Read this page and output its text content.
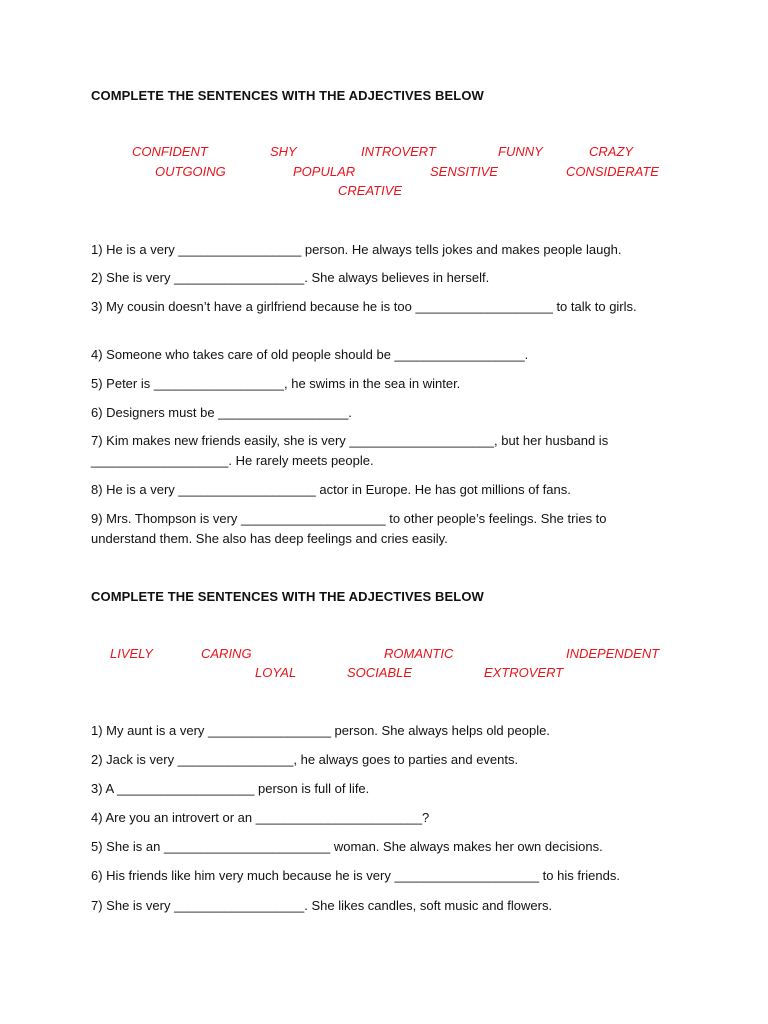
COMPLETE THE SENTENCES WITH THE ADJECTIVES BELOW
CONFIDENT	SHY	INTROVERT	FUNNY	CRAZY
OUTGOING	POPULAR	SENSITIVE	CONSIDERATE
CREATIVE
1) He is a very _________________ person. He always tells jokes and makes people laugh.
2) She is very __________________. She always believes in herself.
3) My cousin doesn’t have a girlfriend because he is too ___________________ to talk to girls.
4) Someone who takes care of old people should be __________________.
5) Peter is __________________, he swims in the sea in winter.
6) Designers must be __________________.
7) Kim makes new friends easily, she is very ____________________, but her husband is ___________________. He rarely meets people.
8) He is a very ___________________ actor in Europe. He has got millions of fans.
9) Mrs. Thompson is very ____________________ to other people’s feelings. She tries to understand them. She also has deep feelings and cries easily.
COMPLETE THE SENTENCES WITH THE ADJECTIVES BELOW
LIVELY	CARING	ROMANTIC	INDEPENDENT
LOYAL	SOCIABLE	EXTROVERT
1) My aunt is a very _________________ person. She always helps old people.
2) Jack is very ________________, he always goes to parties and events.
3) A ___________________ person is full of life.
4) Are you an introvert or an _______________________?
5) She is an _______________________ woman. She always makes her own decisions.
6) His friends like him very much because he is very ____________________ to his friends.
7) She is very __________________. She likes candles, soft music and flowers.
